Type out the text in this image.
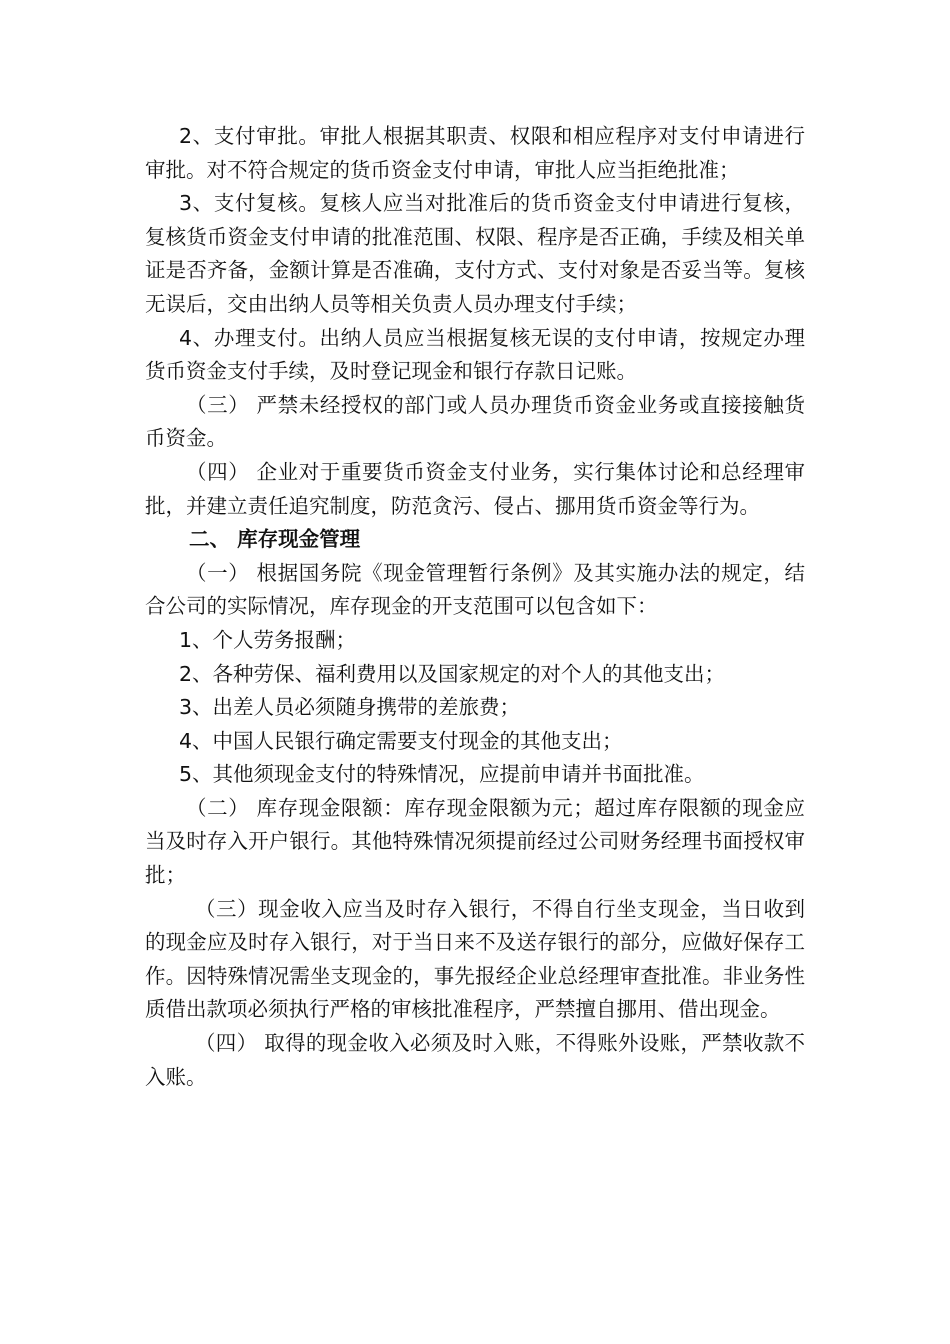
2、支付审批。审批人根据其职责、权限和相应程序对支付申请进行审批。对不符合规定的货币资金支付申请，审批人应当拒绝批准；

3、支付复核。复核人应当对批准后的货币资金支付申请进行复核，复核货币资金支付申请的批准范围、权限、程序是否正确，手续及相关单证是否齐备，金额计算是否准确，支付方式、支付对象是否妥当等。复核无误后，交由出纳人员等相关负责人员办理支付手续；

4、办理支付。出纳人员应当根据复核无误的支付申请，按规定办理货币资金支付手续，及时登记现金和银行存款日记账。

（三） 严禁未经授权的部门或人员办理货币资金业务或直接接触货币资金。

（四） 企业对于重要货币资金支付业务，实行集体讨论和总经理审批，并建立责任追究制度，防范贪污、侵占、挪用货币资金等行为。

二、 库存现金管理

（一） 根据国务院《现金管理暂行条例》及其实施办法的规定，结合公司的实际情况，库存现金的开支范围可以包含如下：

1、个人劳务报酬；

2、各种劳保、福利费用以及国家规定的对个人的其他支出；

3、出差人员必须随身携带的差旅费；

4、中国人民银行确定需要支付现金的其他支出；

5、其他须现金支付的特殊情况，应提前申请并书面批准。

（二） 库存现金限额：库存现金限额为元；超过库存限额的现金应当及时存入开户银行。其他特殊情况须提前经过公司财务经理书面授权审批；

（三）现金收入应当及时存入银行，不得自行坐支现金，当日收到的现金应及时存入银行，对于当日来不及送存银行的部分，应做好保存工作。因特殊情况需坐支现金的，事先报经企业总经理审查批准。非业务性质借出款项必须执行严格的审核批准程序，严禁擅自挪用、借出现金。

（四） 取得的现金收入必须及时入账，不得账外设账，严禁收款不入账。
